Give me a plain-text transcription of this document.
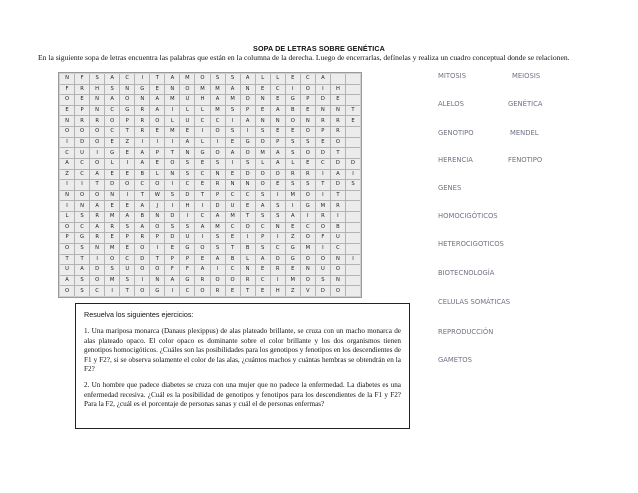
SOPA DE LETRAS SOBRE GENÉTICA
En la siguiente sopa de letras encuentra las palabras que están en la columna de la derecha. Luego de encerrarlas, defínelas y realiza un cuadro conceptual donde se relacionen.
N	F	S	A	C	I	T	A	M	O	S	S	A	L	L	E	C	A
F	R	H	S	N	G	E	N	O	M	M	A	N	E	C	I	O	I	H
O	E	N	A	O	N	A	M	U	H	A	M	O	N	E	G	P	D	E
E	P	N	C	G	R	A	I	L	L	M	S	P	E	A	B	E	N	N	T
N	R	R	O	P	R	O	L	U	C	C	I	A	N	N	O	N	R	R	E
O	O	O	C	T	R	E	M	E	I	O	S	I	S	E	E	O	P	R
I	D	O	E	Z	I	I	I	A	L	I	E	G	O	P	S	S	E	O
C	U	I	G	E	A	P	T	N	G	O	A	O	M	A	S	O	D	T
A	C	O	L	I	A	E	O	S	E	S	I	S	L	A	L	E	C	D	D
Z	C	A	E	E	B	L	N	S	C	N	E	D	O	O	R	R	I	A	I
I	I	T	D	O	C	O	I	C	E	R	N	N	O	E	S	S	T	D	S
N	O	O	N	I	T	W	S	D	T	P	C	C	S	I	M	O	I	T
I	N	A	E	E	A	J	I	H	I	D	U	E	A	S	I	G	M	R
L	S	R	M	A	B	N	D	I	C	A	M	T	S	S	A	I	R	I
O	C	A	R	S	A	O	S	S	A	M	C	O	C	N	E	C	O	B
P	G	R	E	P	R	P	D	U	I	S	E	I	P	I	Z	O	F	U
O	S	N	M	E	O	I	E	G	O	S	T	B	S	C	G	M	I	C
T	T	I	O	C	D	T	P	P	E	A	B	L	A	O	G	O	O	N	I
U	A	D	S	U	O	O	F	F	A	I	C	N	E	R	E	N	U	O
A	S	O	M	S	I	N	A	G	R	O	O	R	C	I	M	O	S	N
O	S	C	I	T	O	G	I	C	O	R	E	T	E	H	Z	V	D	O
MITOSIS	MEIOSIS
ALELOS	GENÉTICA
GENOTIPO	MENDEL
HERENCIA	FENOTIPO
GENES
HOMOCIGÓTICOS
HETEROCIGOTICOS
BIOTECNOLOGÍA
CELULAS SOMÁTICAS
REPRODUCCIÓN
GAMETOS
Resuelva los siguientes ejercicios:

1. Una mariposa monarca (Danaus plexippus) de alas plateado brillante, se cruza con un macho monarca de alas plateado opaco. El color opaco es dominante sobre el color brillante y los dos organismos tienen genotipos homocigóticos. ¿Cuáles son las posibilidades para los genotipos y fenotipos en los descendientes de F1 y F2?, si se observa solamente el color de las alas, ¿cuántos machos y cuántas hembras se obtendrán en la F2?

2. Un hombre que padece diabetes se cruza con una mujer que no padece la enfermedad. La diabetes es una enfermedad recesiva. ¿Cuál es la posibilidad de genotipos y fenotipos para los descendientes de la F1 y F2? Para la F2, ¿cuál es el porcentaje de personas sanas y cuál el de personas enfermas?
